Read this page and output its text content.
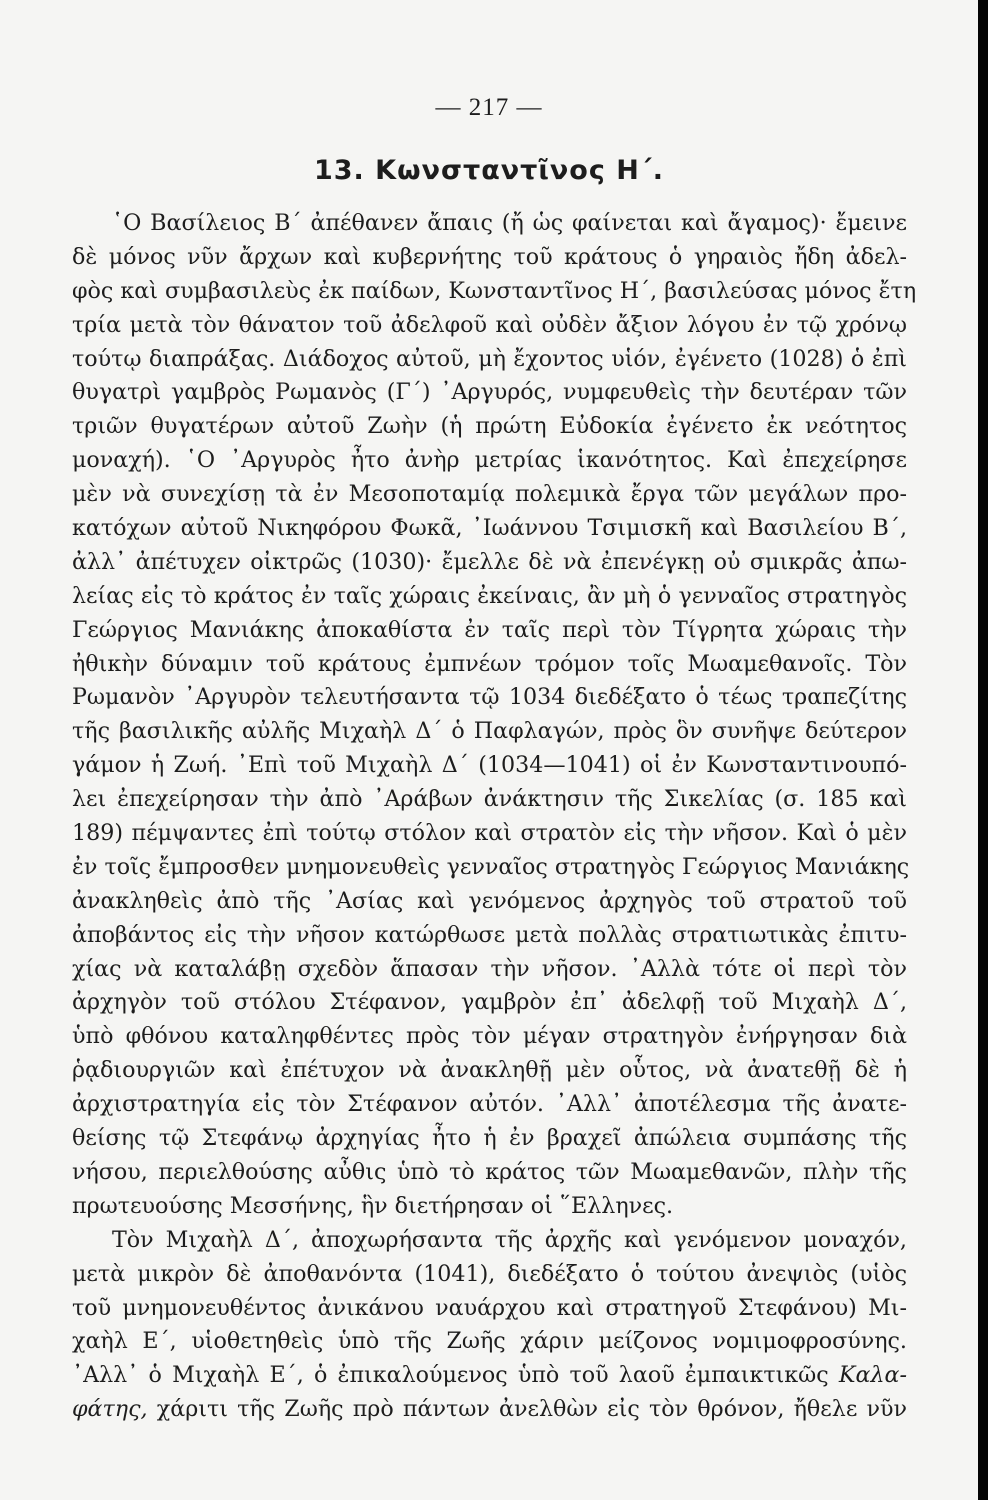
— 217 —
13. Κωνσταντῖνος Η΄.
῾Ο Βασίλειος Β΄ ἀπέθανεν ἄπαις (ἤ ὡς φαίνεται καὶ ἄγαμος)· ἔμεινε
δὲ μόνος νῦν ἄρχων καὶ κυβερνήτης τοῦ κράτους ὁ γηραιὸς ἤδη ἀδελ-
φὸς καὶ συμβασιλεὺς ἐκ παίδων, Κωνσταντῖνος Η΄, βασιλεύσας μόνος ἔτη
τρία μετὰ τὸν θάνατον τοῦ ἀδελφοῦ καὶ οὐδὲν ἄξιον λόγου ἐν τῷ χρόνῳ
τούτῳ διαπράξας. Διάδοχος αὐτοῦ, μὴ ἔχοντος υἱόν, ἐγένετο (1028) ὁ ἐπὶ
θυγατρὶ γαμβρὸς Ρωμανὸς (Γ΄) ᾿Αργυρός, νυμφευθεὶς τὴν δευτέραν τῶν
τριῶν θυγατέρων αὐτοῦ Ζωὴν (ἡ πρώτη Εὐδοκία ἐγένετο ἐκ νεότητος
μοναχή). ῾Ο ᾿Αργυρὸς ἦτο ἀνὴρ μετρίας ἱκανότητος. Καὶ ἐπεχείρησε
μὲν νὰ συνεχίσῃ τὰ ἐν Μεσοποταμίᾳ πολεμικὰ ἔργα τῶν μεγάλων προ-
κατόχων αὐτοῦ Νικηφόρου Φωκᾶ, ᾿Ιωάννου Τσιμισκῆ καὶ Βασιλείου Β΄,
ἀλλ᾿ ἀπέτυχεν οἰκτρῶς (1030)· ἔμελλε δὲ νὰ ἐπενέγκῃ οὐ σμικρᾶς ἀπω-
λείας εἰς τὸ κράτος ἐν ταῖς χώραις ἐκείναις, ἂν μὴ ὁ γενναῖος στρατηγὸς
Γεώργιος Μανιάκης ἀποκαθίστα ἐν ταῖς περὶ τὸν Τίγρητα χώραις τὴν
ἠθικὴν δύναμιν τοῦ κράτους ἐμπνέων τρόμον τοῖς Μωαμεθανοῖς. Τὸν
Ρωμανὸν ᾿Αργυρὸν τελευτήσαντα τῷ 1034 διεδέξατο ὁ τέως τραπεζίτης
τῆς βασιλικῆς αὐλῆς Μιχαὴλ Δ΄ ὁ Παφλαγών, πρὸς ὃν συνῆψε δεύτερον
γάμον ἡ Ζωή. ᾿Επὶ τοῦ Μιχαὴλ Δ΄ (1034—1041) οἱ ἐν Κωνσταντινουπό-
λει ἐπεχείρησαν τὴν ἀπὸ ᾿Αράβων ἀνάκτησιν τῆς Σικελίας (σ. 185 καὶ
189) πέμψαντες ἐπὶ τούτῳ στόλον καὶ στρατὸν εἰς τὴν νῆσον. Καὶ ὁ μὲν
ἐν τοῖς ἔμπροσθεν μνημονευθεὶς γενναῖος στρατηγὸς Γεώργιος Μανιάκης
ἀνακληθεὶς ἀπὸ τῆς ᾿Ασίας καὶ γενόμενος ἀρχηγὸς τοῦ στρατοῦ τοῦ
ἀποβάντος εἰς τὴν νῆσον κατώρθωσε μετὰ πολλὰς στρατιωτικὰς ἐπιτυ-
χίας νὰ καταλάβῃ σχεδὸν ἅπασαν τὴν νῆσον. ᾿Αλλὰ τότε οἱ περὶ τὸν
ἀρχηγὸν τοῦ στόλου Στέφανον, γαμβρὸν ἐπ᾿ ἀδελφῇ τοῦ Μιχαὴλ Δ΄,
ὑπὸ φθόνου καταληφθέντες πρὸς τὸν μέγαν στρατηγὸν ἐνήργησαν διὰ
ῥᾳδιουργιῶν καὶ ἐπέτυχον νὰ ἀνακληθῇ μὲν οὗτος, νὰ ἀνατεθῇ δὲ ἡ
ἀρχιστρατηγία εἰς τὸν Στέφανον αὐτόν. ᾿Αλλ᾿ ἀποτέλεσμα τῆς ἀνατε-
θείσης τῷ Στεφάνῳ ἀρχηγίας ἦτο ἡ ἐν βραχεῖ ἀπώλεια συμπάσης τῆς
νήσου, περιελθούσης αὖθις ὑπὸ τὸ κράτος τῶν Μωαμεθανῶν, πλὴν τῆς
πρωτευούσης Μεσσήνης, ἣν διετήρησαν οἱ ῞Ελληνες.
Τὸν Μιχαὴλ Δ΄, ἀποχωρήσαντα τῆς ἀρχῆς καὶ γενόμενον μοναχόν,
μετὰ μικρὸν δὲ ἀποθανόντα (1041), διεδέξατο ὁ τούτου ἀνεψιὸς (υἱὸς
τοῦ μνημονευθέντος ἀνικάνου ναυάρχου καὶ στρατηγοῦ Στεφάνου) Μι-
χαὴλ Ε΄, υἱοθετηθεὶς ὑπὸ τῆς Ζωῆς χάριν μείζονος νομιμοφροσύνης.
᾿Αλλ᾿ ὁ Μιχαὴλ Ε΄, ὁ ἐπικαλούμενος ὑπὸ τοῦ λαοῦ ἐμπαικτικῶς Καλα-
φάτης, χάριτι τῆς Ζωῆς πρὸ πάντων ἀνελθὼν εἰς τὸν θρόνον, ἤθελε νῦν
